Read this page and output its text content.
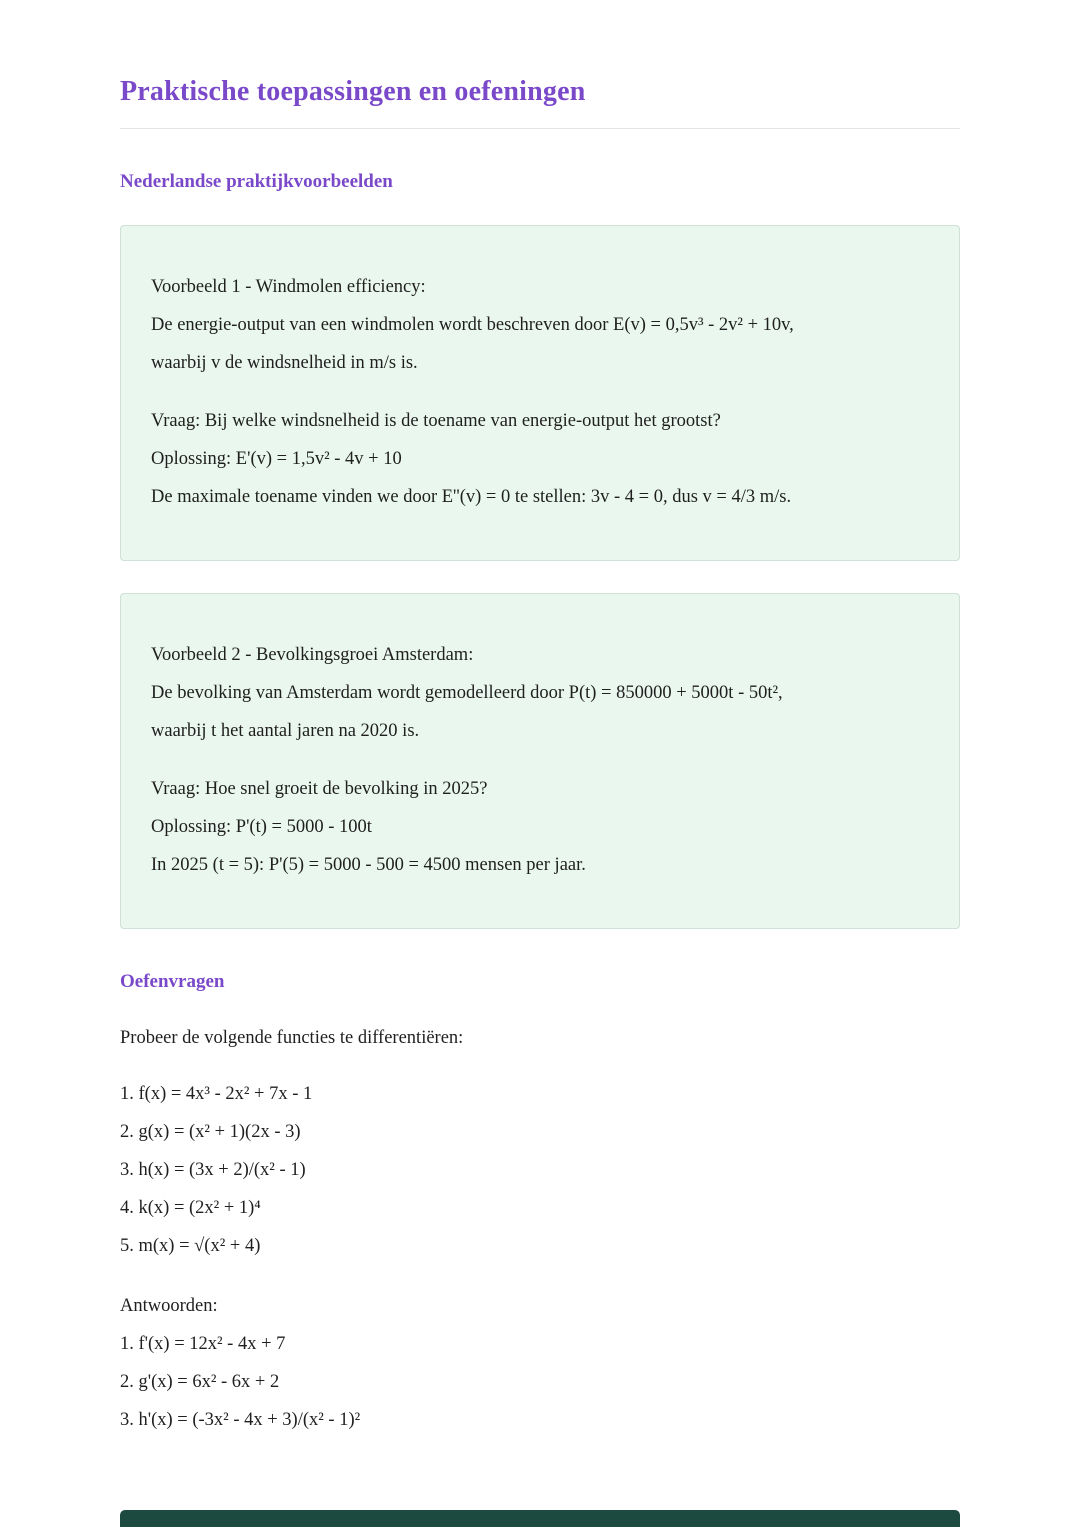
Praktische toepassingen en oefeningen
Nederlandse praktijkvoorbeelden
Voorbeeld 1 - Windmolen efficiency:
De energie-output van een windmolen wordt beschreven door E(v) = 0,5v³ - 2v² + 10v,
waarbij v de windsnelheid in m/s is.
Vraag: Bij welke windsnelheid is de toename van energie-output het grootst?
Oplossing: E'(v) = 1,5v² - 4v + 10
De maximale toename vinden we door E''(v) = 0 te stellen: 3v - 4 = 0, dus v = 4/3 m/s.
Voorbeeld 2 - Bevolkingsgroei Amsterdam:
De bevolking van Amsterdam wordt gemodelleerd door P(t) = 850000 + 5000t - 50t²,
waarbij t het aantal jaren na 2020 is.
Vraag: Hoe snel groeit de bevolking in 2025?
Oplossing: P'(t) = 5000 - 100t
In 2025 (t = 5): P'(5) = 5000 - 500 = 4500 mensen per jaar.
Oefenvragen

Probeer de volgende functies te differentiëren:

1. f(x) = 4x³ - 2x² + 7x - 1
2. g(x) = (x² + 1)(2x - 3)
3. h(x) = (3x + 2)/(x² - 1)
4. k(x) = (2x² + 1)⁴
5. m(x) = √(x² + 4)

Antwoorden:

1. f'(x) = 12x² - 4x + 7
2. g'(x) = 6x² - 6x + 2
3. h'(x) = (-3x² - 4x + 3)/(x² - 1)²
